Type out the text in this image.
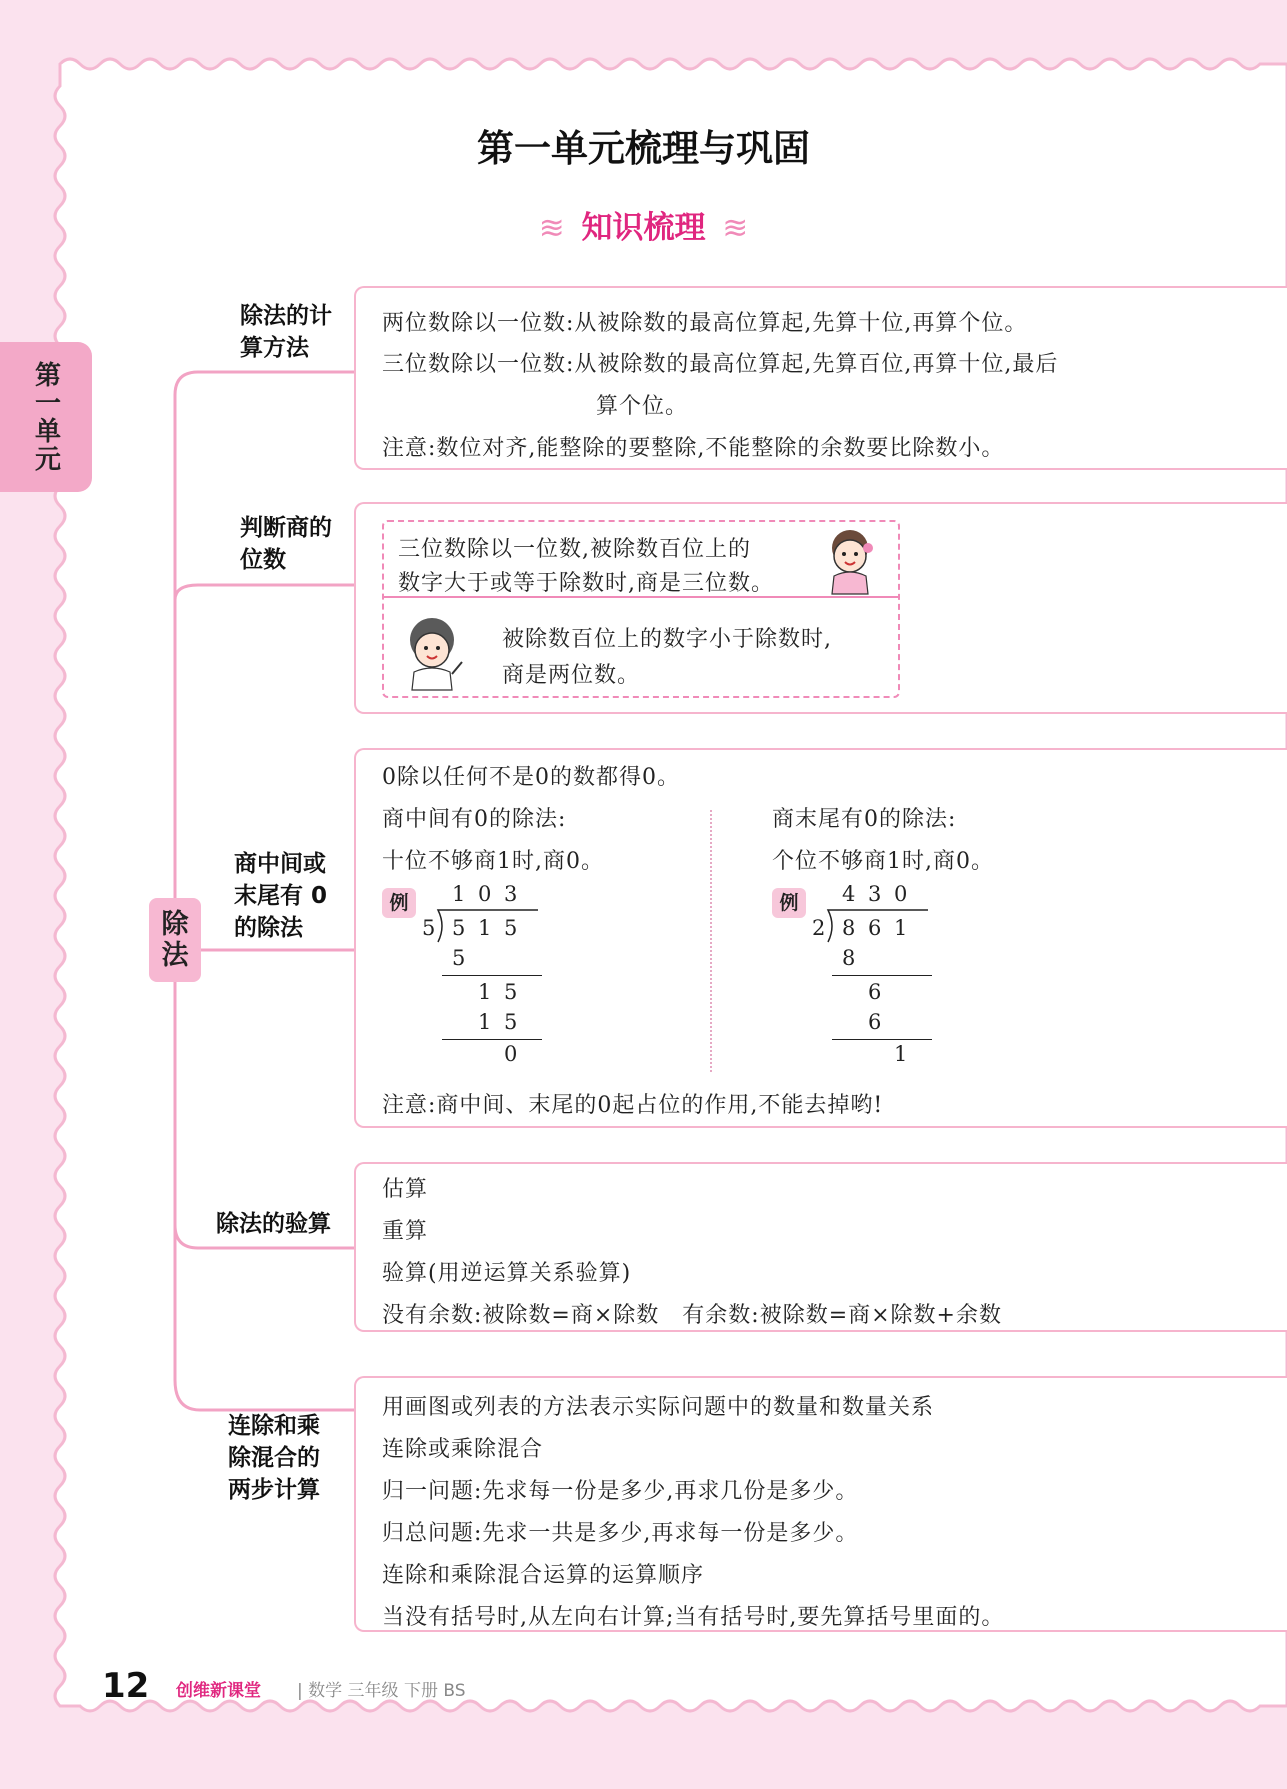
第一单元
第一单元梳理与巩固
≋ 知识梳理 ≋
除
法
除法的计
算方法
两位数除以一位数:从被除数的最高位算起,先算十位,再算个位。
三位数除以一位数:从被除数的最高位算起,先算百位,再算十位,最后
算个位。
注意:数位对齐,能整除的要整除,不能整除的余数要比除数小。
判断商的
位数	三位数除以一位数,被除数百位上的
数字大于或等于除数时,商是三位数。
被除数百位上的数字小于除数时,
商是两位数。
商中间或
末尾有 0
的除法
0除以任何不是0的数都得0。
商中间有0的除法:
十位不够商1时,商0。
商末尾有0的除法:
个位不够商1时,商0。
例	例
1 0 3
5 5 1 5
5
1 5
1 5
0
4 3 0
2 8 6 1
8
6
6
1
注意:商中间、末尾的0起占位的作用,不能去掉哟!
除法的验算
估算
重算
验算(用逆运算关系验算)
没有余数:被除数=商×除数　有余数:被除数=商×除数+余数
连除和乘
除混合的
两步计算
用画图或列表的方法表示实际问题中的数量和数量关系
连除或乘除混合
归一问题:先求每一份是多少,再求几份是多少。
归总问题:先求一共是多少,再求每一份是多少。
连除和乘除混合运算的运算顺序
当没有括号时,从左向右计算;当有括号时,要先算括号里面的。
12 创维新课堂 | 数学 三年级 下册 BS
